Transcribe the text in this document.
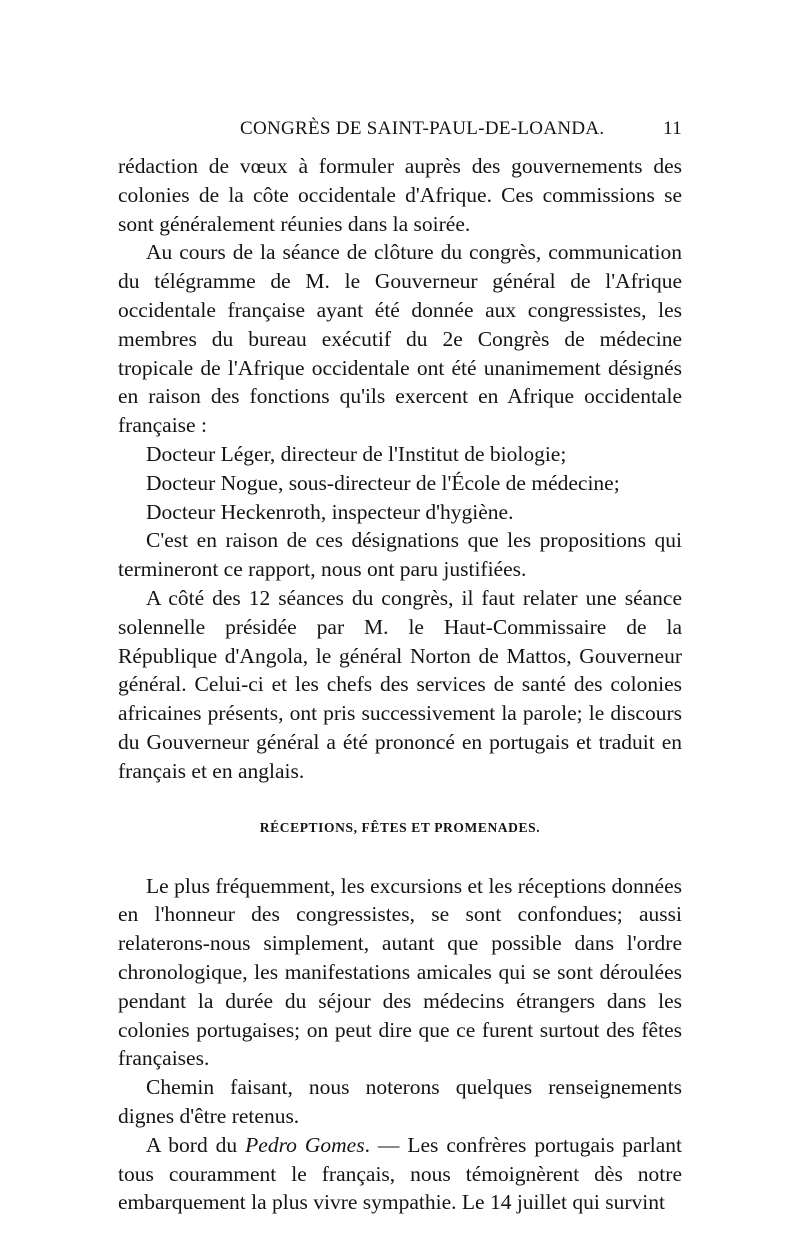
CONGRÈS DE SAINT-PAUL-DE-LOANDA.	11

rédaction de vœux à formuler auprès des gouvernements des colonies de la côte occidentale d'Afrique. Ces commissions se sont généralement réunies dans la soirée.

Au cours de la séance de clôture du congrès, communication du télégramme de M. le Gouverneur général de l'Afrique occidentale française ayant été donnée aux congressistes, les membres du bureau exécutif du 2e Congrès de médecine tropicale de l'Afrique occidentale ont été unanimement désignés en raison des fonctions qu'ils exercent en Afrique occidentale française :

Docteur Léger, directeur de l'Institut de biologie;

Docteur Nogue, sous-directeur de l'École de médecine;

Docteur Heckenroth, inspecteur d'hygiène.

C'est en raison de ces désignations que les propositions qui termineront ce rapport, nous ont paru justifiées.

A côté des 12 séances du congrès, il faut relater une séance solennelle présidée par M. le Haut-Commissaire de la République d'Angola, le général Norton de Mattos, Gouverneur général. Celui-ci et les chefs des services de santé des colonies africaines présents, ont pris successivement la parole; le discours du Gouverneur général a été prononcé en portugais et traduit en français et en anglais.

RÉCEPTIONS, FÊTES ET PROMENADES.

Le plus fréquemment, les excursions et les réceptions données en l'honneur des congressistes, se sont confondues; aussi relaterons-nous simplement, autant que possible dans l'ordre chronologique, les manifestations amicales qui se sont déroulées pendant la durée du séjour des médecins étrangers dans les colonies portugaises; on peut dire que ce furent surtout des fêtes françaises.

Chemin faisant, nous noterons quelques renseignements dignes d'être retenus.

A bord du Pedro Gomes. — Les confrères portugais parlant tous couramment le français, nous témoignèrent dès notre embarquement la plus vivre sympathie. Le 14 juillet qui survint
